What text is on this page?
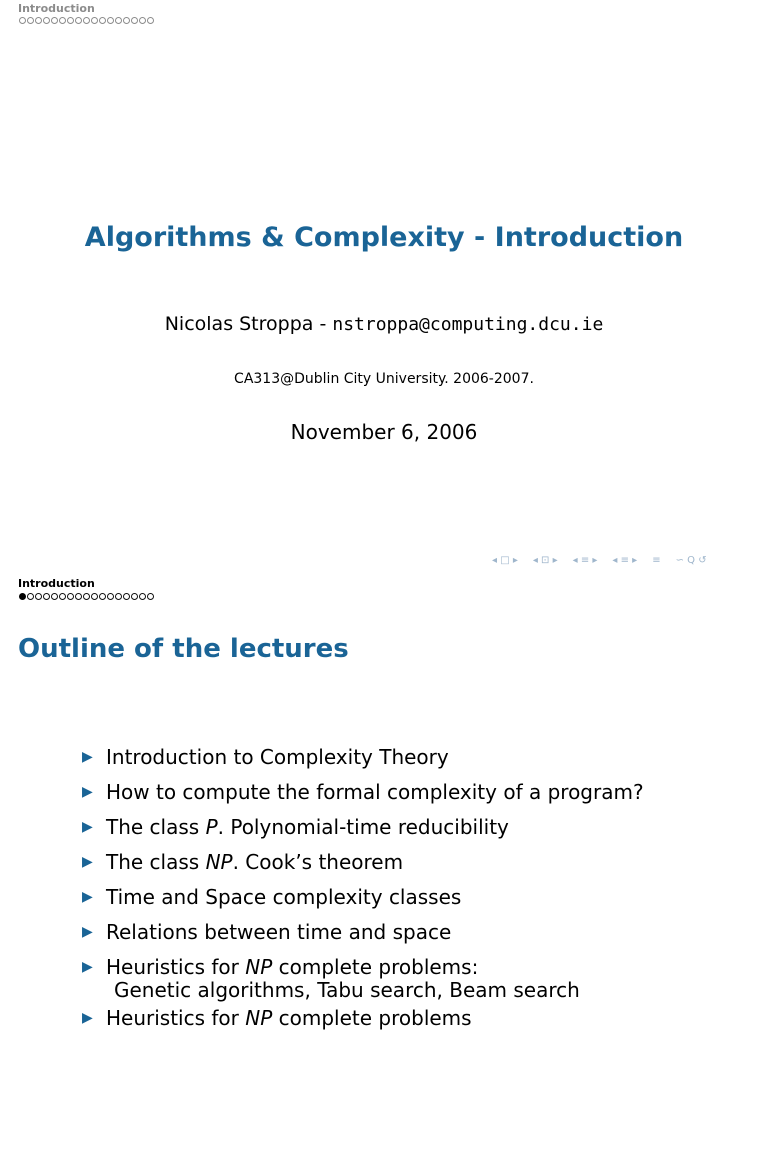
Introduction
Algorithms & Complexity - Introduction
Nicolas Stroppa - nstroppa@computing.dcu.ie
CA313@Dublin City University. 2006-2007.
November 6, 2006
◂ □ ▸ ◂ ⊡ ▸ ◂ ≡ ▸ ◂ ≡ ▸ ≡ ∽ Q ↺
Introduction
Outline of the lectures
▶ Introduction to Complexity Theory
▶ How to compute the formal complexity of a program?
▶ The class P. Polynomial-time reducibility
▶ The class NP. Cook’s theorem
▶ Time and Space complexity classes
▶ Relations between time and space
▶ Heuristics for NP complete problems:
Genetic algorithms, Tabu search, Beam search
▶ Heuristics for NP complete problems
